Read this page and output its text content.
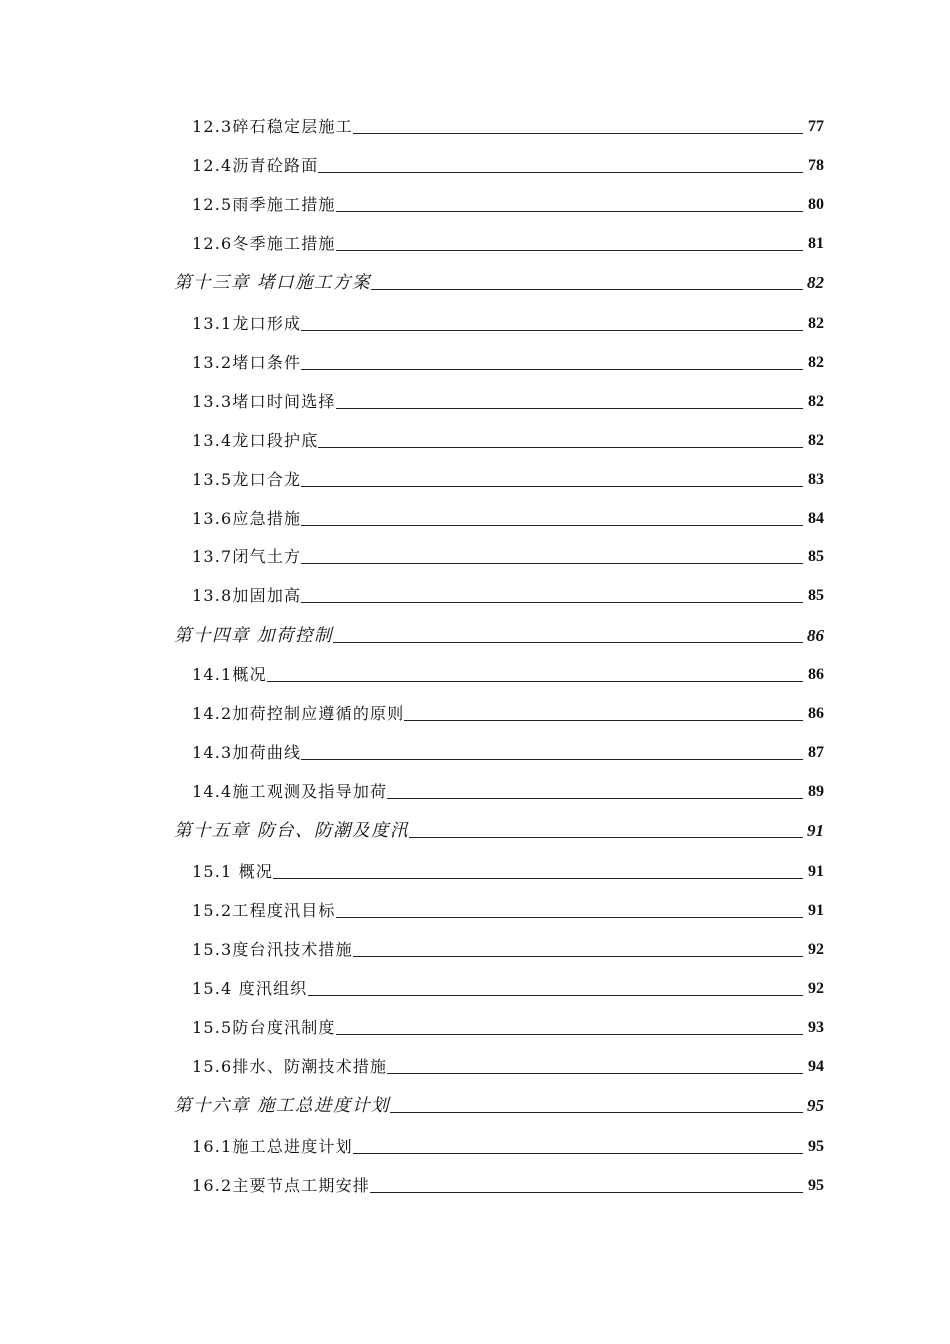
12.3碎石稳定层施工	77
12.4沥青砼路面	78
12.5雨季施工措施	80
12.6冬季施工措施	81
第十三章 堵口施工方案	82
13.1龙口形成	82
13.2堵口条件	82
13.3堵口时间选择	82
13.4龙口段护底	82
13.5龙口合龙	83
13.6应急措施	84
13.7闭气土方	85
13.8加固加高	85
第十四章 加荷控制	86
14.1概况	86
14.2加荷控制应遵循的原则	86
14.3加荷曲线	87
14.4施工观测及指导加荷	89
第十五章 防台、防潮及度汛	91
15.1 概况	91
15.2工程度汛目标	91
15.3度台汛技术措施	92
15.4 度汛组织	92
15.5防台度汛制度	93
15.6排水、防潮技术措施	94
第十六章 施工总进度计划	95
16.1施工总进度计划	95
16.2主要节点工期安排	95
